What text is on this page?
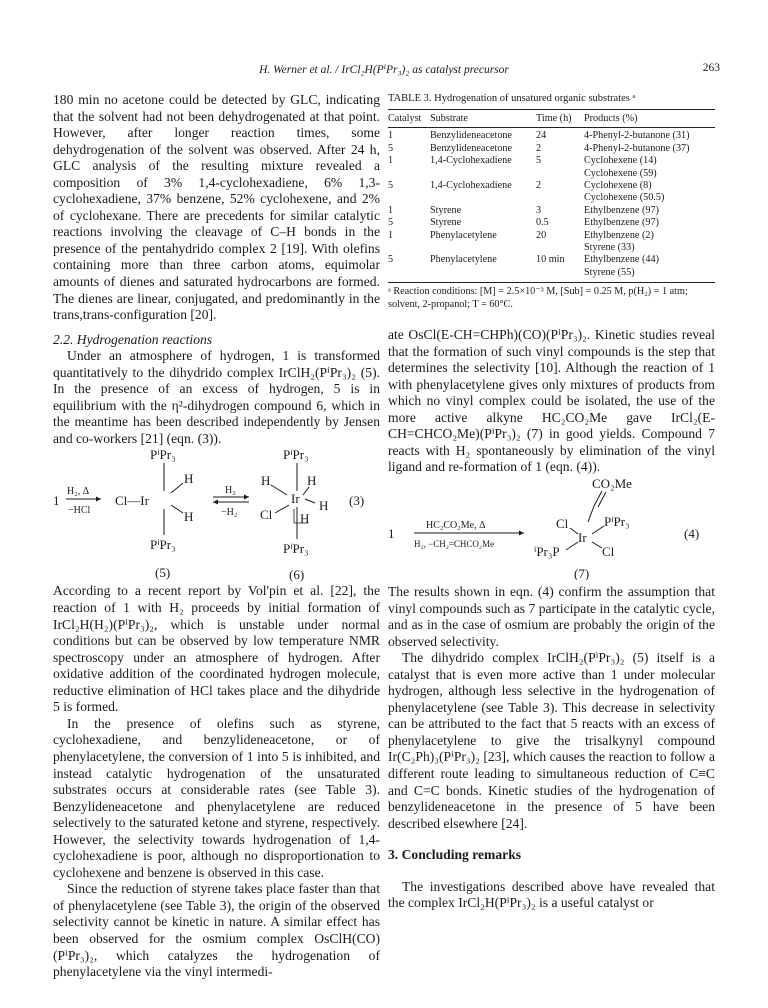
H. Werner et al. / IrCl₂H(PⁱPr₃)₂ as catalyst precursor	263

180 min no acetone could be detected by GLC, indicating that the solvent had not been dehydrogenated at that point. However, after longer reaction times, some dehydrogenation of the solvent was observed. After 24 h, GLC analysis of the resulting mixture revealed a composition of 3% 1,4-cyclohexadiene, 6% 1,3-cyclohexadiene, 37% benzene, 52% cyclohexene, and 2% of cyclohexane. There are precedents for similar catalytic reactions involving the cleavage of C–H bonds in the presence of the pentahydrido complex 2 [19]. With olefins containing more than three carbon atoms, equimolar amounts of dienes and saturated hydrocarbons are formed. The dienes are linear, conjugated, and predominantly in the trans,trans-configuration [20].

2.2. Hydrogenation reactions

Under an atmosphere of hydrogen, 1 is transformed quantitatively to the dihydrido complex IrClH₂(PⁱPr₃)₂ (5). In the presence of an excess of hydrogen, 5 is in equilibrium with the η²-dihydrogen compound 6, which in the meantime has been described independently by Jensen and co-workers [21] (eqn. (3)).

1
H₂, Δ
−HCl
PⁱPr₃
Cl—Ir
H
H
PⁱPr₃
(5)
H₂
−H₂
PⁱPr₃
H	H
Ir
Cl
H
H
PⁱPr₃
(6)
(3)

According to a recent report by Vol'pin et al. [22], the reaction of 1 with H₂ proceeds by initial formation of IrCl₂H(H₂)(PⁱPr₃)₂, which is unstable under normal conditions but can be observed by low temperature NMR spectroscopy under an atmosphere of hydrogen. After oxidative addition of the coordinated hydrogen molecule, reductive elimination of HCl takes place and the dihydride 5 is formed.

In the presence of olefins such as styrene, cyclohexadiene, and benzylideneacetone, or of phenylacetylene, the conversion of 1 into 5 is inhibited, and instead catalytic hydrogenation of the unsaturated substrates occurs at considerable rates (see Table 3). Benzylideneacetone and phenylacetylene are reduced selectively to the saturated ketone and styrene, respectively. However, the selectivity towards hydrogenation of 1,4-cyclohexadiene is poor, although no disproportionation to cyclohexene and benzene is observed in this case.

Since the reduction of styrene takes place faster than that of phenylacetylene (see Table 3), the origin of the observed selectivity cannot be kinetic in nature. A similar effect has been observed for the osmium complex OsClH(CO)(PⁱPr₃)₂, which catalyzes the hydrogenation of phenylacetylene via the vinyl intermedi-

TABLE 3. Hydrogenation of unsatured organic substrates ᵃ
Catalyst	Substrate	Time (h)	Products (%)
1	Benzylideneacetone	24	4-Phenyl-2-butanone (31)
5	Benzylideneacetone	2	4-Phenyl-2-butanone (37)
1	1,4-Cyclohexadiene	5	Cyclohexene (14)
			Cyclohexene (59)
5	1,4-Cyclohexadiene	2	Cyclohexene (8)
			Cyclohexene (50.5)
1	Styrene	3	Ethylbenzene (97)
5	Styrene	0.5	Ethylbenzene (97)
1	Phenylacetylene	20	Ethylbenzene (2)
			Styrene (33)
5	Phenylacetylene	10 min	Ethylbenzene (44)
			Styrene (55)
ᵃ Reaction conditions: [M] = 2.5×10⁻³ M, [Sub] = 0.25 M, p(H₂) = 1 atm; solvent, 2-propanol; T = 60°C.

ate OsCl(E-CH=CHPh)(CO)(PⁱPr₃)₂. Kinetic studies reveal that the formation of such vinyl compounds is the step that determines the selectivity [10]. Although the reaction of 1 with phenylacetylene gives only mixtures of products from which no vinyl complex could be isolated, the use of the more active alkyne HC₂CO₂Me gave IrCl₂(E-CH=CHCO₂Me)(PⁱPr₃)₂ (7) in good yields. Compound 7 reacts with H₂ spontaneously by elimination of the vinyl ligand and re-formation of 1 (eqn. (4)).

1
HC₂CO₂Me, Δ
H₂, −CH₂=CHCO₂Me
CO₂Me
Cl
Ir
PⁱPr₃
ⁱPr₃P	Cl
(4)
(7)

The results shown in eqn. (4) confirm the assumption that vinyl compounds such as 7 participate in the catalytic cycle, and as in the case of osmium are probably the origin of the observed selectivity.

The dihydrido complex IrClH₂(PⁱPr₃)₂ (5) itself is a catalyst that is even more active than 1 under molecular hydrogen, although less selective in the hydrogenation of phenylacetylene (see Table 3). This decrease in selectivity can be attributed to the fact that 5 reacts with an excess of phenylacetylene to give the trisalkynyl compound Ir(C₂Ph)₃(PⁱPr₃)₂ [23], which causes the reaction to follow a different route leading to simultaneous reduction of C≡C and C=C bonds. Kinetic studies of the hydrogenation of benzylideneacetone in the presence of 5 have been described elsewhere [24].

3. Concluding remarks

The investigations described above have revealed that the complex IrCl₂H(PⁱPr₃)₂ is a useful catalyst or
